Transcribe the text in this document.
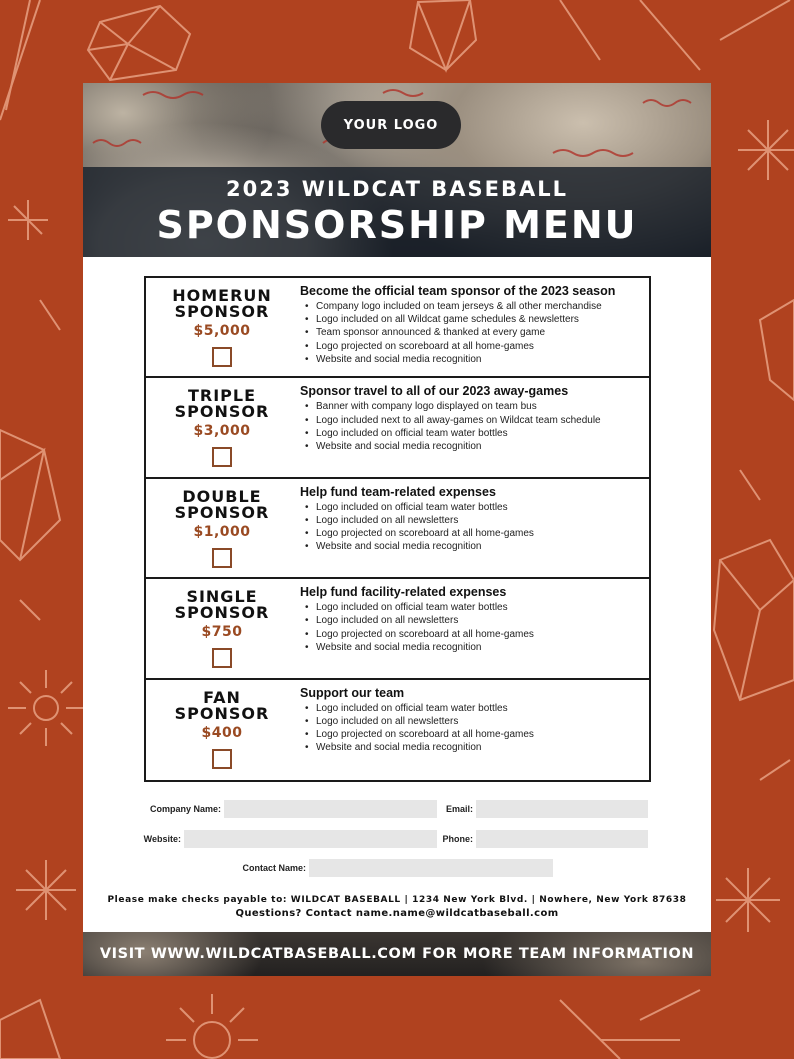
YOUR LOGO
2023 WILDCAT BASEBALL
SPONSORSHIP MENU
HOMERUN
SPONSOR
$5,000
Become the official team sponsor of the 2023 season
• Company logo included on team jerseys & all other merchandise
• Logo included on all Wildcat game schedules & newsletters
• Team sponsor announced & thanked at every game
• Logo projected on scoreboard at all home-games
• Website and social media recognition
TRIPLE
SPONSOR
$3,000
Sponsor travel to all of our 2023 away-games
• Banner with company logo displayed on team bus
• Logo included next to all away-games on Wildcat team schedule
• Logo included on official team water bottles
• Website and social media recognition
DOUBLE
SPONSOR
$1,000
Help fund team-related expenses
• Logo included on official team water bottles
• Logo included on all newsletters
• Logo projected on scoreboard at all home-games
• Website and social media recognition
SINGLE
SPONSOR
$750
Help fund facility-related expenses
• Logo included on official team water bottles
• Logo included on all newsletters
• Logo projected on scoreboard at all home-games
• Website and social media recognition
FAN
SPONSOR
$400
Support our team
• Logo included on official team water bottles
• Logo included on all newsletters
• Logo projected on scoreboard at all home-games
• Website and social media recognition
Company Name:	Email:
Website:	Phone:
Contact Name:
Please make checks payable to: WILDCAT BASEBALL | 1234 New York Blvd. | Nowhere, New York 87638
Questions? Contact name.name@wildcatbaseball.com
VISIT WWW.WILDCATBASEBALL.COM FOR MORE TEAM INFORMATION
